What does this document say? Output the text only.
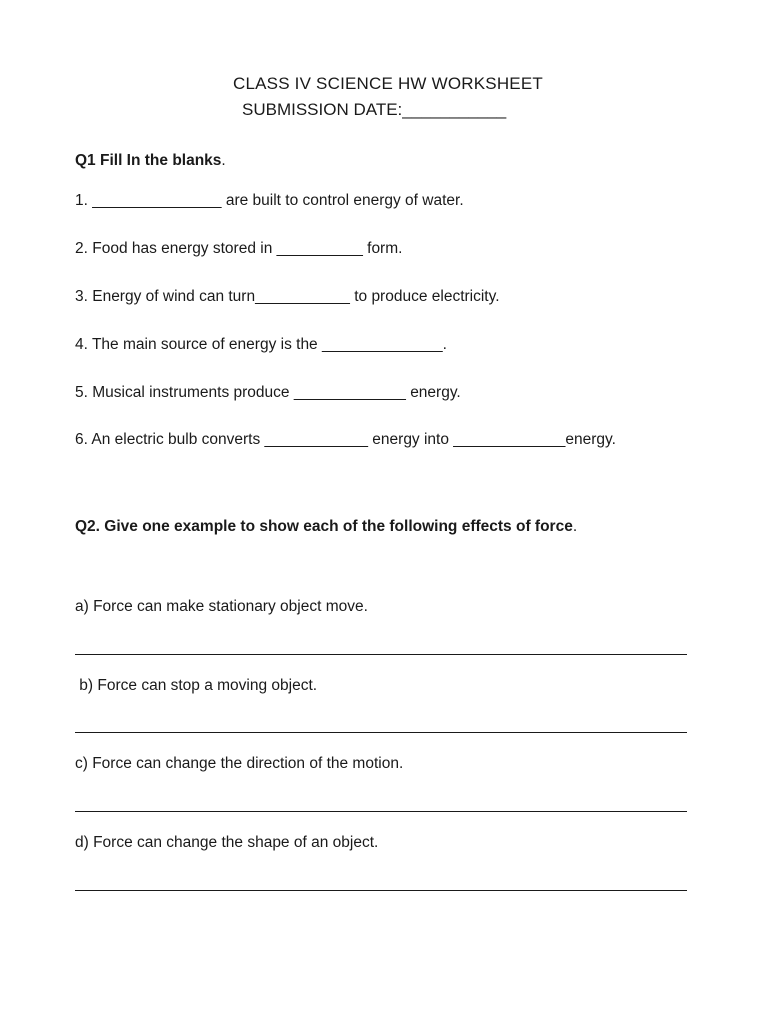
CLASS IV SCIENCE HW WORKSHEET
SUBMISSION DATE:___________
Q1 Fill In the blanks.
1. _______________ are built to control energy of water.
2. Food has energy stored in __________ form.
3. Energy of wind can turn___________ to produce electricity.
4. The main source of energy is the ______________.
5. Musical instruments produce _____________ energy.
6. An electric bulb converts ____________ energy into _____________energy.
Q2. Give one example to show each of the following effects of force.
a) Force can make stationary object move.
b) Force can stop a moving object.
c) Force can change the direction of the motion.
d) Force can change the shape of an object.
